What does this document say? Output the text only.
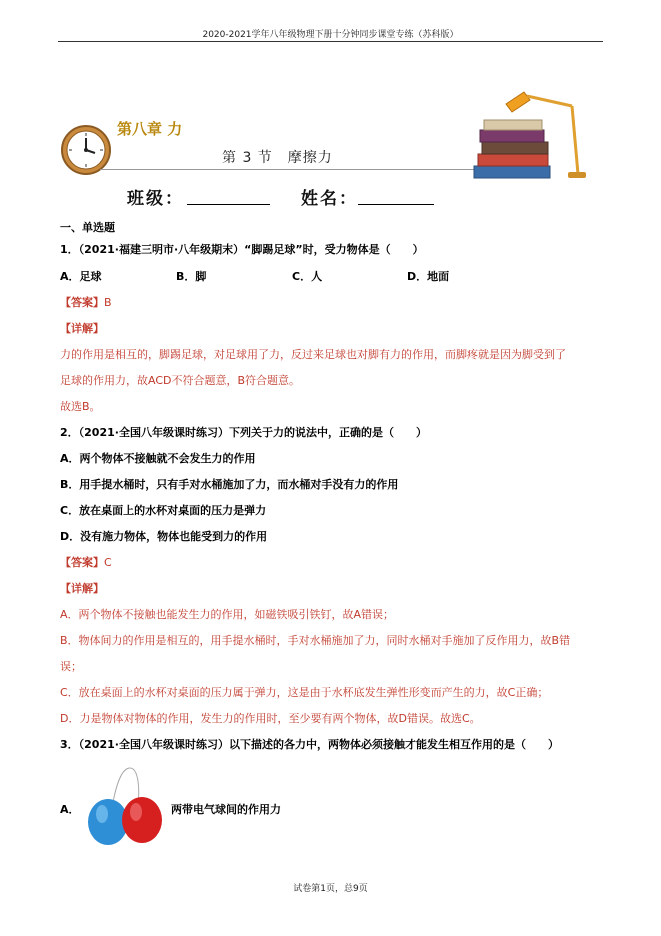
2020-2021学年八年级物理下册十分钟同步课堂专练（苏科版）
第八章 力
第 3 节　摩擦力
班级：	姓名：
一、单选题
1．（2021·福建三明市·八年级期末）“脚踢足球”时，受力物体是（　　）
A．足球	B．脚	C．人	D．地面
【答案】B
【详解】
力的作用是相互的，脚踢足球，对足球用了力，反过来足球也对脚有力的作用，而脚疼就是因为脚受到了
足球的作用力，故ACD不符合题意，B符合题意。
故选B。
2．（2021·全国八年级课时练习）下列关于力的说法中，正确的是（　　）
A．两个物体不接触就不会发生力的作用
B．用手提水桶时，只有手对水桶施加了力，而水桶对手没有力的作用
C．放在桌面上的水杯对桌面的压力是弹力
D．没有施力物体，物体也能受到力的作用
【答案】C
【详解】
A．两个物体不接触也能发生力的作用，如磁铁吸引铁钉，故A错误；
B．物体间力的作用是相互的，用手提水桶时，手对水桶施加了力，同时水桶对手施加了反作用力，故B错
误；
C．放在桌面上的水杯对桌面的压力属于弹力，这是由于水杯底发生弹性形变而产生的力，故C正确；
D．力是物体对物体的作用，发生力的作用时，至少要有两个物体，故D错误。故选C。
3．（2021·全国八年级课时练习）以下描述的各力中，两物体必须接触才能发生相互作用的是（　　）
A．	两带电气球间的作用力
试卷第1页，总9页
